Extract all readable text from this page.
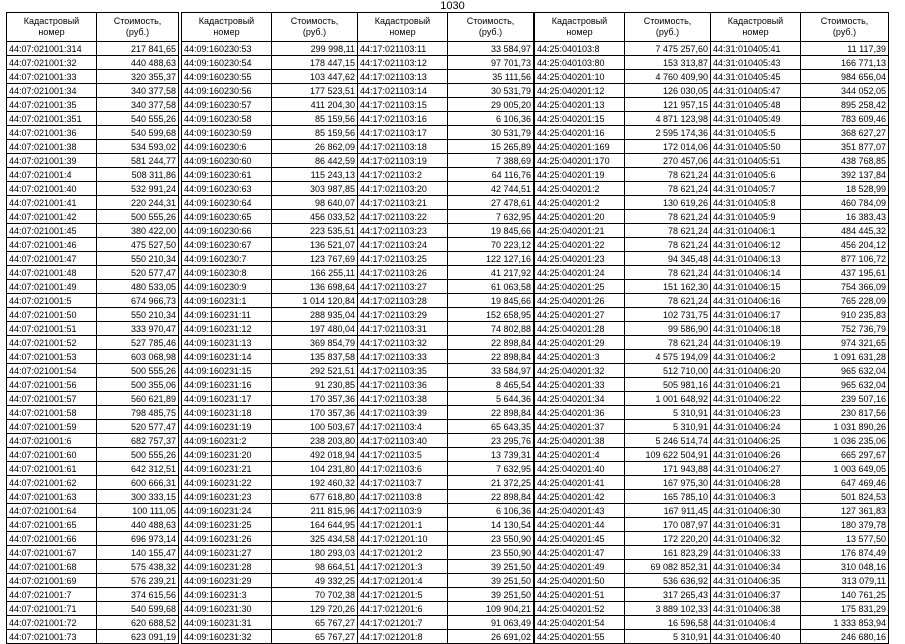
1030
Кадастровый
номер	Стоимость,
(руб.)
44:07:021001:314	217 841,65
44:07:021001:32	440 488,63
44:07:021001:33	320 355,37
44:07:021001:34	340 377,58
44:07:021001:35	340 377,58
44:07:021001:351	540 555,26
44:07:021001:36	540 599,68
44:07:021001:38	534 593,02
44:07:021001:39	581 244,77
44:07:021001:4	508 311,86
44:07:021001:40	532 991,24
44:07:021001:41	220 244,31
44:07:021001:42	500 555,26
44:07:021001:45	380 422,00
44:07:021001:46	475 527,50
44:07:021001:47	550 210,34
44:07:021001:48	520 577,47
44:07:021001:49	480 533,05
44:07:021001:5	674 966,73
44:07:021001:50	550 210,34
44:07:021001:51	333 970,47
44:07:021001:52	527 785,46
44:07:021001:53	603 068,98
44:07:021001:54	500 555,26
44:07:021001:56	500 355,06
44:07:021001:57	560 621,89
44:07:021001:58	798 485,75
44:07:021001:59	520 577,47
44:07:021001:6	682 757,37
44:07:021001:60	500 555,26
44:07:021001:61	642 312,51
44:07:021001:62	600 666,31
44:07:021001:63	300 333,15
44:07:021001:64	100 111,05
44:07:021001:65	440 488,63
44:07:021001:66	696 973,14
44:07:021001:67	140 155,47
44:07:021001:68	575 438,32
44:07:021001:69	576 239,21
44:07:021001:7	374 615,56
44:07:021001:71	540 599,68
44:07:021001:72	620 688,52
44:07:021001:73	623 091,19
Кадастровый
номер	Стоимость,
(руб.)
44:09:160230:53	299 998,11
44:09:160230:54	178 447,15
44:09:160230:55	103 447,62
44:09:160230:56	177 523,51
44:09:160230:57	411 204,30
44:09:160230:58	85 159,56
44:09:160230:59	85 159,56
44:09:160230:6	26 862,09
44:09:160230:60	86 442,59
44:09:160230:61	115 243,13
44:09:160230:63	303 987,85
44:09:160230:64	98 640,07
44:09:160230:65	456 033,52
44:09:160230:66	223 535,51
44:09:160230:67	136 521,07
44:09:160230:7	123 767,69
44:09:160230:8	166 255,11
44:09:160230:9	136 698,64
44:09:160231:1	1 014 120,84
44:09:160231:11	288 935,04
44:09:160231:12	197 480,04
44:09:160231:13	369 854,79
44:09:160231:14	135 837,58
44:09:160231:15	292 521,51
44:09:160231:16	91 230,85
44:09:160231:17	170 357,36
44:09:160231:18	170 357,36
44:09:160231:19	100 503,67
44:09:160231:2	238 203,80
44:09:160231:20	492 018,94
44:09:160231:21	104 231,80
44:09:160231:22	192 460,32
44:09:160231:23	677 618,80
44:09:160231:24	211 815,96
44:09:160231:25	164 644,95
44:09:160231:26	325 434,58
44:09:160231:27	180 293,03
44:09:160231:28	98 664,51
44:09:160231:29	49 332,25
44:09:160231:3	70 702,38
44:09:160231:30	129 720,26
44:09:160231:31	65 767,27
44:09:160231:32	65 767,27
Кадастровый
номер	Стоимость,
(руб.)
44:17:021103:11	33 584,97
44:17:021103:12	97 701,73
44:17:021103:13	35 111,56
44:17:021103:14	30 531,79
44:17:021103:15	29 005,20
44:17:021103:16	6 106,36
44:17:021103:17	30 531,79
44:17:021103:18	15 265,89
44:17:021103:19	7 388,69
44:17:021103:2	64 116,76
44:17:021103:20	42 744,51
44:17:021103:21	27 478,61
44:17:021103:22	7 632,95
44:17:021103:23	19 845,66
44:17:021103:24	70 223,12
44:17:021103:25	122 127,16
44:17:021103:26	41 217,92
44:17:021103:27	61 063,58
44:17:021103:28	19 845,66
44:17:021103:29	152 658,95
44:17:021103:31	74 802,88
44:17:021103:32	22 898,84
44:17:021103:33	22 898,84
44:17:021103:35	33 584,97
44:17:021103:36	8 465,54
44:17:021103:38	5 644,36
44:17:021103:39	22 898,84
44:17:021103:4	65 643,35
44:17:021103:40	23 295,76
44:17:021103:5	13 739,31
44:17:021103:6	7 632,95
44:17:021103:7	21 372,25
44:17:021103:8	22 898,84
44:17:021103:9	6 106,36
44:17:021201:1	14 130,54
44:17:021201:10	23 550,90
44:17:021201:2	23 550,90
44:17:021201:3	39 251,50
44:17:021201:4	39 251,50
44:17:021201:5	39 251,50
44:17:021201:6	109 904,21
44:17:021201:7	91 063,49
44:17:021201:8	26 691,02
Кадастровый
номер	Стоимость,
(руб.)
44:25:040103:8	7 475 257,60
44:25:040103:80	153 313,87
44:25:040201:10	4 760 409,90
44:25:040201:12	126 030,05
44:25:040201:13	121 957,15
44:25:040201:15	4 871 123,98
44:25:040201:16	2 595 174,36
44:25:040201:169	172 014,06
44:25:040201:170	270 457,06
44:25:040201:19	78 621,24
44:25:040201:2	78 621,24
44:25:040201:2	130 619,26
44:25:040201:20	78 621,24
44:25:040201:21	78 621,24
44:25:040201:22	78 621,24
44:25:040201:23	94 345,48
44:25:040201:24	78 621,24
44:25:040201:25	151 162,30
44:25:040201:26	78 621,24
44:25:040201:27	102 731,75
44:25:040201:28	99 586,90
44:25:040201:29	78 621,24
44:25:040201:3	4 575 194,09
44:25:040201:32	512 710,00
44:25:040201:33	505 981,16
44:25:040201:34	1 001 648,92
44:25:040201:36	5 310,91
44:25:040201:37	5 310,91
44:25:040201:38	5 246 514,74
44:25:040201:4	109 622 504,91
44:25:040201:40	171 943,88
44:25:040201:41	167 975,30
44:25:040201:42	165 785,10
44:25:040201:43	167 911,45
44:25:040201:44	170 087,97
44:25:040201:45	172 220,20
44:25:040201:47	161 823,29
44:25:040201:49	69 082 852,31
44:25:040201:50	536 636,92
44:25:040201:51	317 265,43
44:25:040201:52	3 889 102,33
44:25:040201:54	16 596,58
44:25:040201:55	5 310,91
Кадастровый
номер	Стоимость,
(руб.)
44:31:010405:41	11 117,39
44:31:010405:43	166 771,13
44:31:010405:45	984 656,04
44:31:010405:47	344 052,05
44:31:010405:48	895 258,42
44:31:010405:49	783 609,46
44:31:010405:5	368 627,27
44:31:010405:50	351 877,07
44:31:010405:51	438 768,85
44:31:010405:6	392 137,84
44:31:010405:7	18 528,99
44:31:010405:8	460 784,09
44:31:010405:9	16 383,43
44:31:010406:1	484 445,32
44:31:010406:12	456 204,12
44:31:010406:13	877 106,72
44:31:010406:14	437 195,61
44:31:010406:15	754 366,09
44:31:010406:16	765 228,09
44:31:010406:17	910 235,83
44:31:010406:18	752 736,79
44:31:010406:19	974 321,65
44:31:010406:2	1 091 631,28
44:31:010406:20	965 632,04
44:31:010406:21	965 632,04
44:31:010406:22	239 507,16
44:31:010406:23	230 817,56
44:31:010406:24	1 031 890,26
44:31:010406:25	1 036 235,06
44:31:010406:26	665 297,67
44:31:010406:27	1 003 649,05
44:31:010406:28	647 469,46
44:31:010406:3	501 824,53
44:31:010406:30	127 361,83
44:31:010406:31	180 379,78
44:31:010406:32	13 577,50
44:31:010406:33	176 874,49
44:31:010406:34	310 048,16
44:31:010406:35	313 079,11
44:31:010406:37	140 761,25
44:31:010406:38	175 831,29
44:31:010406:4	1 333 853,94
44:31:010406:40	246 680,16
